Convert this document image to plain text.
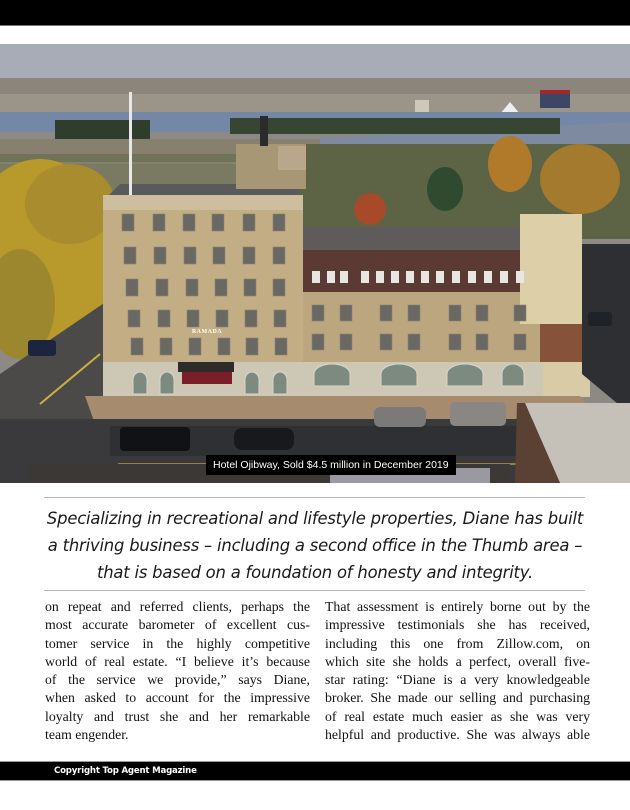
RAMADA
Hotel Ojibway, Sold $4.5 million in December 2019
Specializing in recreational and lifestyle properties, Diane has built
a thriving business – including a second office in the Thumb area –
that is based on a foundation of honesty and integrity.
on repeat and referred clients, perhaps the
most accurate barometer of excellent cus-
tomer service in the highly competitive
world of real estate. “I believe it’s because
of the service we provide,” says Diane,
when asked to account for the impressive
loyalty and trust she and her remarkable
team engender.
That assessment is entirely borne out by the
impressive testimonials she has received,
including this one from Zillow.com, on
which site she holds a perfect, overall five-
star rating: “Diane is a very knowledgeable
broker. She made our selling and purchasing
of real estate much easier as she was very
helpful and productive. She was always able
Copyright Top Agent Magazine
